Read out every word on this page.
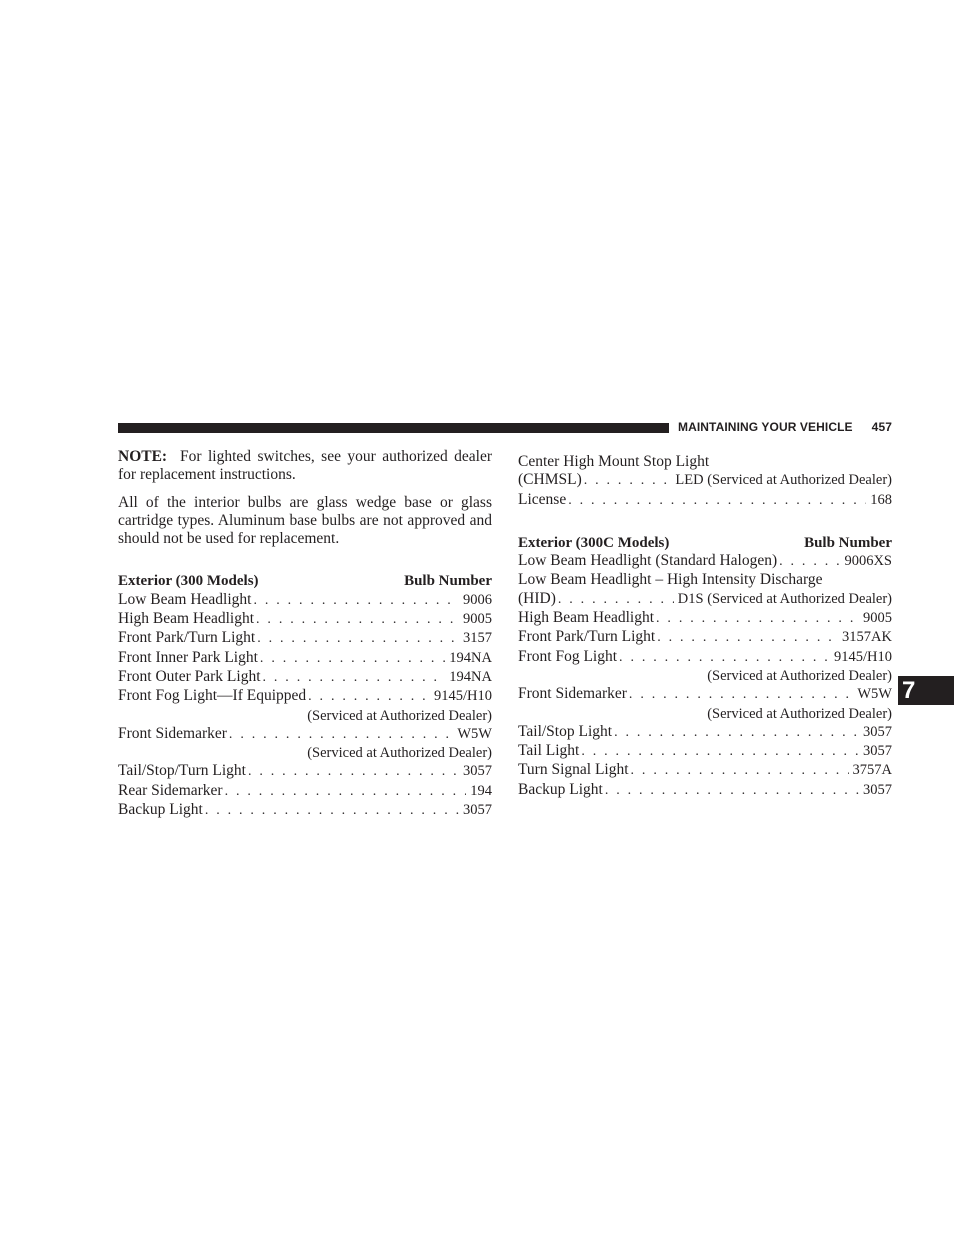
MAINTAINING YOUR VEHICLE 457
7

NOTE: For lighted switches, see your authorized dealer for replacement instructions.

All of the interior bulbs are glass wedge base or glass cartridge types. Aluminum base bulbs are not approved and should not be used for replacement.

Exterior (300 Models)	Bulb Number
Low Beam Headlight . . .	9006
High Beam Headlight . . .	9005
Front Park/Turn Light . . .	3157
Front Inner Park Light . . .	194NA
Front Outer Park Light . . .	194NA
Front Fog Light—If Equipped . . .	9145/H10
(Serviced at Authorized Dealer)
Front Sidemarker . . .	W5W
(Serviced at Authorized Dealer)
Tail/Stop/Turn Light . . .	3057
Rear Sidemarker . . .	194
Backup Light . . .	3057
Center High Mount Stop Light
(CHMSL) . . .	LED (Serviced at Authorized Dealer)
License . . .	168
Exterior (300C Models)	Bulb Number
Low Beam Headlight (Standard Halogen) . . .	9006XS
Low Beam Headlight – High Intensity Discharge
(HID) . . .	D1S (Serviced at Authorized Dealer)
High Beam Headlight . . .	9005
Front Park/Turn Light . . .	3157AK
Front Fog Light . . .	9145/H10
(Serviced at Authorized Dealer)
Front Sidemarker . . .	W5W
(Serviced at Authorized Dealer)
Tail/Stop Light . . .	3057
Tail Light . . .	3057
Turn Signal Light . . .	3757A
Backup Light . . .	3057
